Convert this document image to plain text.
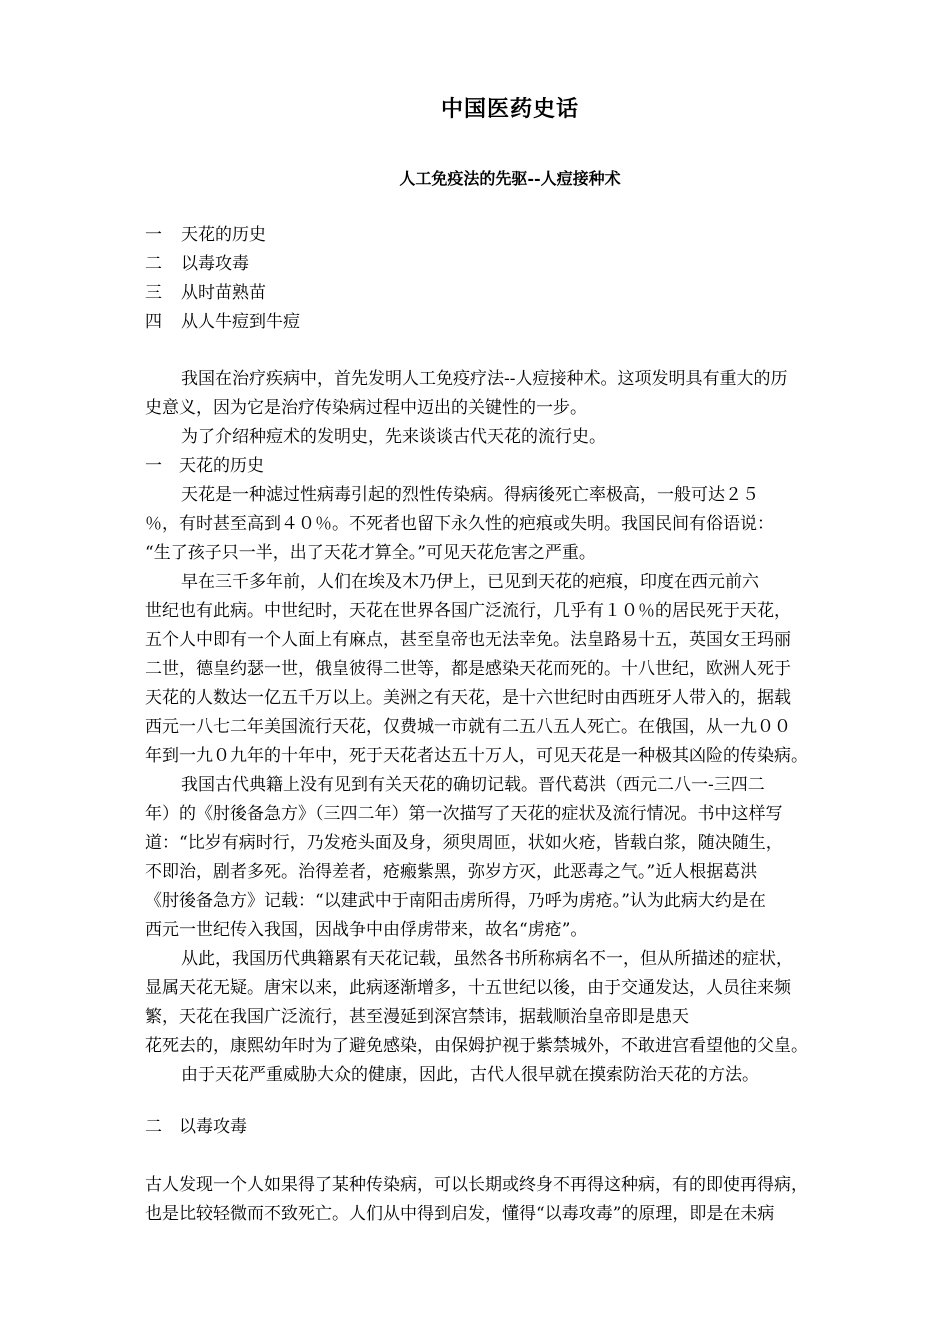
中国医药史话
人工免疫法的先驱--人痘接种术
一 天花的历史
二 以毒攻毒
三 从时苗熟苗
四 从人牛痘到牛痘
我国在治疗疾病中，首先发明人工免疫疗法--人痘接种术。这项发明具有重大的历
史意义，因为它是治疗传染病过程中迈出的关键性的一步。
为了介绍种痘术的发明史，先来谈谈古代天花的流行史。
一　天花的历史
天花是一种滤过性病毒引起的烈性传染病。得病後死亡率极高，一般可达２５
％，有时甚至高到４０％。不死者也留下永久性的疤痕或失明。我国民间有俗语说：
“生了孩子只一半，出了天花才算全。”可见天花危害之严重。
早在三千多年前，人们在埃及木乃伊上，已见到天花的疤痕，印度在西元前六
世纪也有此病。中世纪时，天花在世界各国广泛流行，几乎有１０％的居民死于天花，
五个人中即有一个人面上有麻点，甚至皇帝也无法幸免。法皇路易十五，英国女王玛丽
二世，德皇约瑟一世，俄皇彼得二世等，都是感染天花而死的。十八世纪，欧洲人死于
天花的人数达一亿五千万以上。美洲之有天花，是十六世纪时由西班牙人带入的，据载
西元一八七二年美国流行天花，仅费城一市就有二五八五人死亡。在俄国，从一九００
年到一九０九年的十年中，死于天花者达五十万人，可见天花是一种极其凶险的传染病。
我国古代典籍上没有见到有关天花的确切记载。晋代葛洪（西元二八一-三四二
年）的《肘後备急方》（三四二年）第一次描写了天花的症状及流行情况。书中这样写
道：“比岁有病时行，乃发疮头面及身，须臾周匝，状如火疮，皆载白浆，随决随生，
不即治，剧者多死。治得差者，疮瘢紫黑，弥岁方灭，此恶毒之气。”近人根据葛洪
《肘後备急方》记载：“以建武中于南阳击虏所得，乃呼为虏疮。”认为此病大约是在
西元一世纪传入我国，因战争中由俘虏带来，故名“虏疮”。
从此，我国历代典籍累有天花记载，虽然各书所称病名不一，但从所描述的症状，
显属天花无疑。唐宋以来，此病逐渐增多，十五世纪以後，由于交通发达，人员往来频
繁，天花在我国广泛流行，甚至漫延到深宫禁讳，据载顺治皇帝即是患天
花死去的，康熙幼年时为了避免感染，由保姆护视于紫禁城外，不敢进宫看望他的父皇。
由于天花严重威胁大众的健康，因此，古代人很早就在摸索防治天花的方法。
二　以毒攻毒
古人发现一个人如果得了某种传染病，可以长期或终身不再得这种病，有的即使再得病，
也是比较轻微而不致死亡。人们从中得到启发，懂得“以毒攻毒”的原理，即是在未病
